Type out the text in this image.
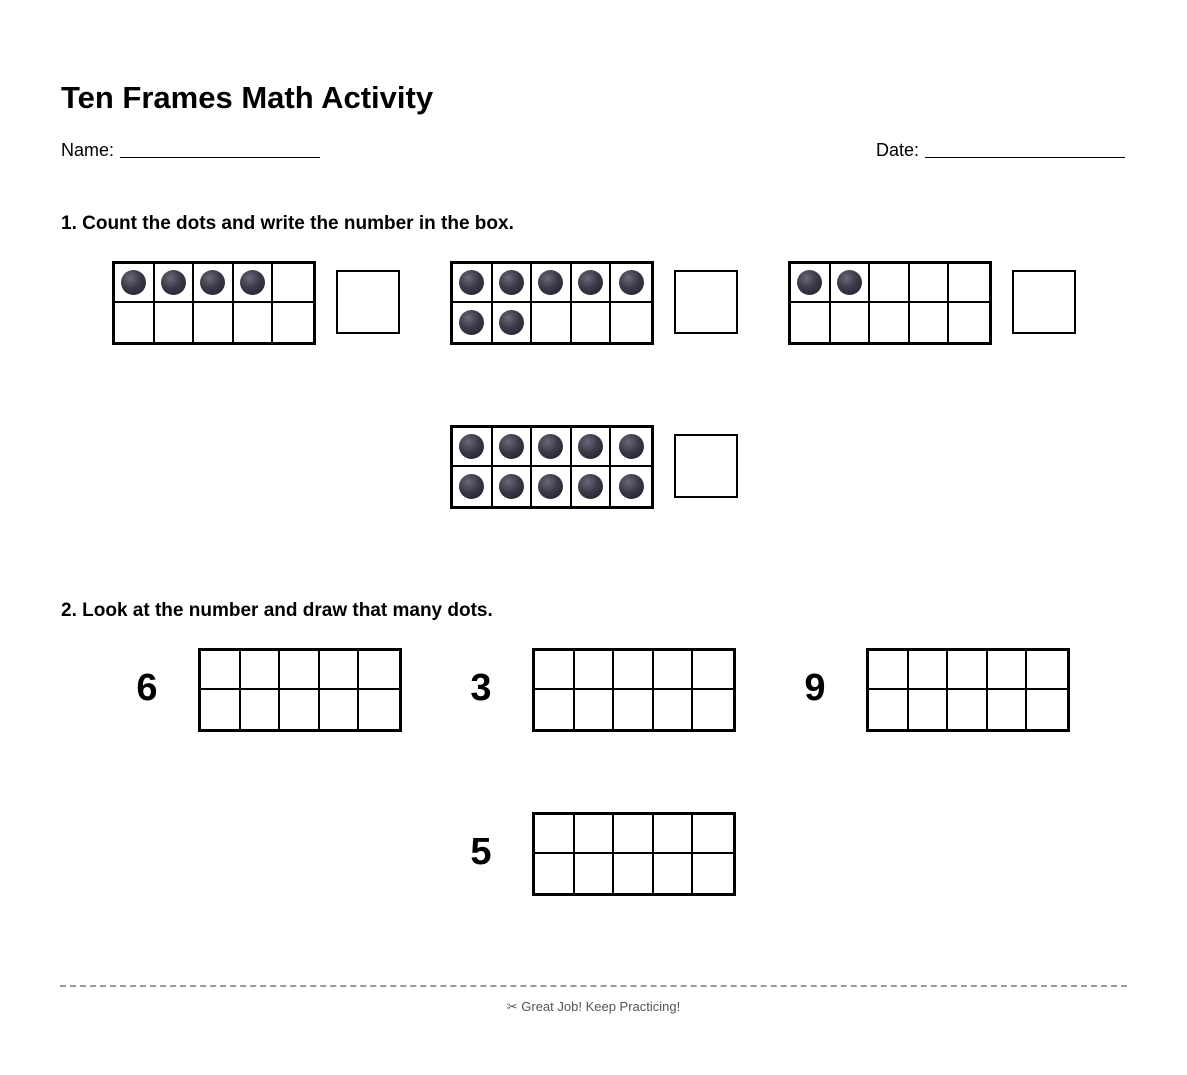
Ten Frames Math Activity
Name:	Date:
1. Count the dots and write the number in the box.
2. Look at the number and draw that many dots.
6	3	9
5
✂ Great Job! Keep Practicing!
